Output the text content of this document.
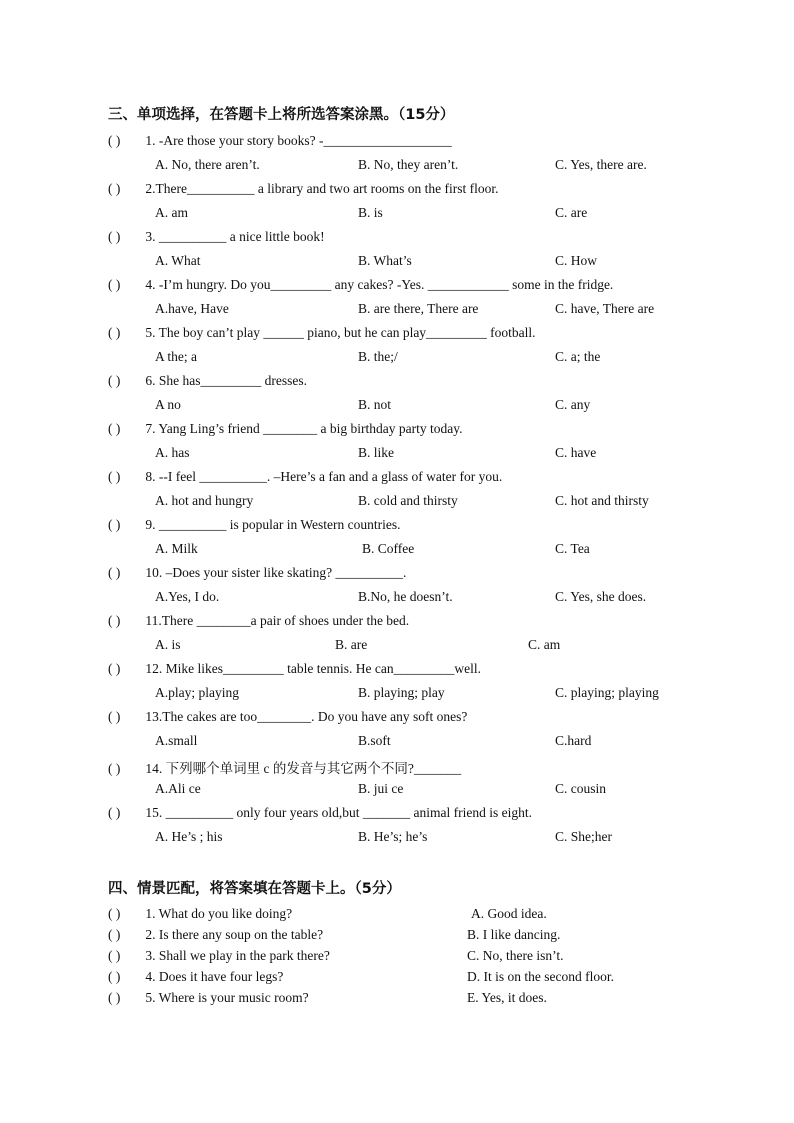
三、单项选择，在答题卡上将所选答案涂黑。（15分）
( ) 1. -Are those your story books? -___________________
A. No, there aren’t.	B. No, they aren’t.	C. Yes, there are.
( ) 2.There__________ a library and two art rooms on the first floor.
A. am	B. is	C. are
( ) 3. __________ a nice little book!
A. What	B. What’s	C. How
( ) 4. -I’m hungry. Do you_________ any cakes? -Yes. ____________ some in the fridge.
A.have, Have	B. are there, There are	C. have, There are
( ) 5. The boy can’t play ______ piano, but he can play_________ football.
A the; a	B. the;/	C. a; the
( ) 6. She has_________ dresses.
A no	B. not	C. any
( ) 7. Yang Ling’s friend ________ a big birthday party today.
A. has	B. like	C. have
( ) 8. --I feel __________. –Here’s a fan and a glass of water for you.
A. hot and hungry	B. cold and thirsty	C. hot and thirsty
( ) 9. __________ is popular in Western countries.
A. Milk	B. Coffee	C. Tea
( ) 10. –Does your sister like skating? __________.
A.Yes, I do.	B.No, he doesn’t.	C. Yes, she does.
( ) 11.There ________a pair of shoes under the bed.
A. is	B. are	C. am
( ) 12. Mike likes_________ table tennis. He can_________well.
A.play; playing	B. playing; play	C. playing; playing
( ) 13.The cakes are too________. Do you have any soft ones?
A.small	B.soft	C.hard
( ) 14. 下列哪个单词里 c 的发音与其它两个不同?_______
A.Ali ce	B. jui ce	C. cousin
( ) 15. __________ only four years old,but _______ animal friend is eight.
A. He’s ; his	B. He’s; he’s	C. She;her
四、情景匹配，将答案填在答题卡上。（5分）
( ) 1. What do you like doing?	A. Good idea.
( ) 2. Is there any soup on the table?	B. I like dancing.
( ) 3. Shall we play in the park there?	C. No, there isn’t.
( ) 4. Does it have four legs?	D. It is on the second floor.
( ) 5. Where is your music room?	E. Yes, it does.
